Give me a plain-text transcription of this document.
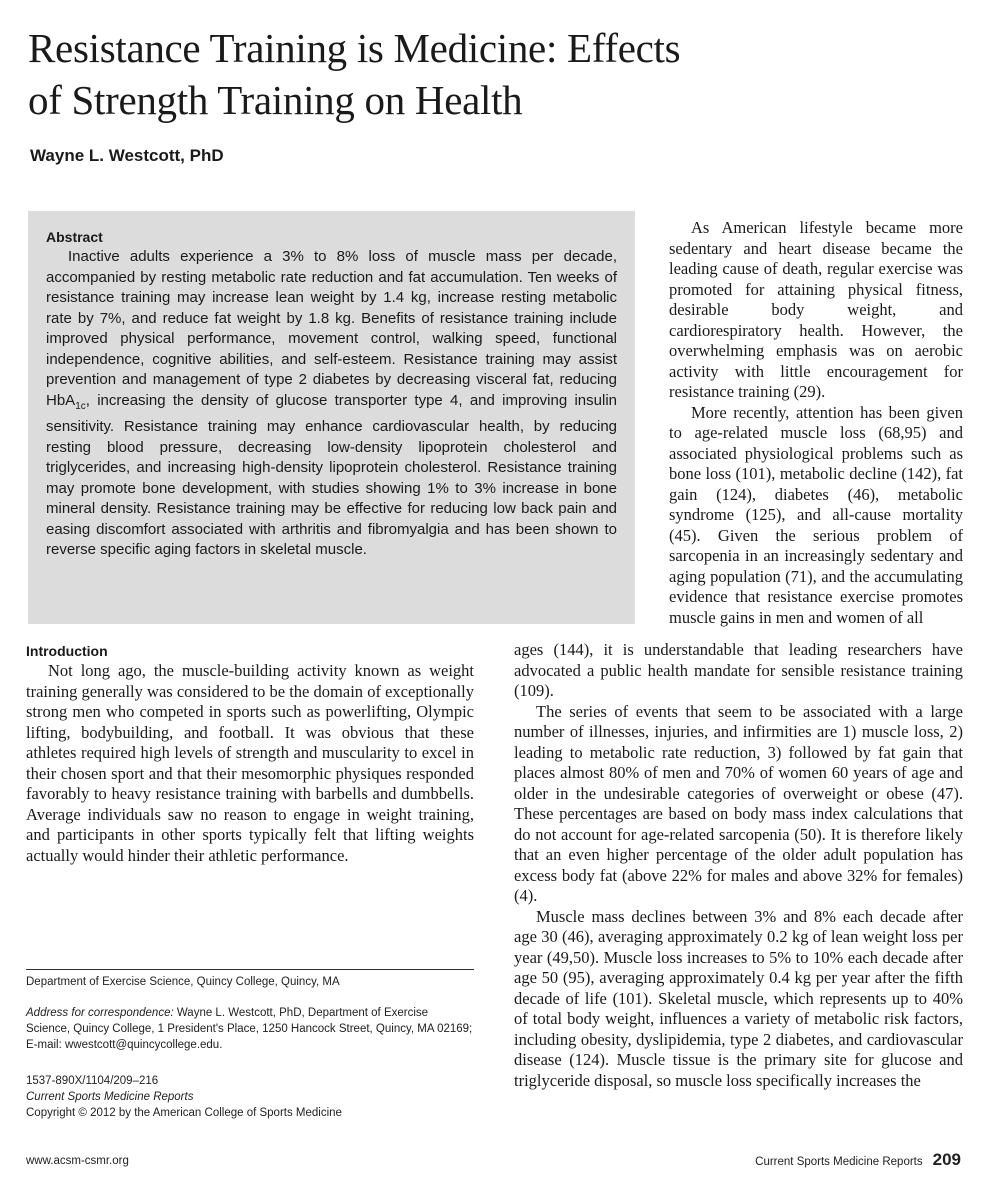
Resistance Training is Medicine: Effects
of Strength Training on Health
Wayne L. Westcott, PhD
Abstract

Inactive adults experience a 3% to 8% loss of muscle mass per decade, accompanied by resting metabolic rate reduction and fat accumulation. Ten weeks of resistance training may increase lean weight by 1.4 kg, increase resting metabolic rate by 7%, and reduce fat weight by 1.8 kg. Benefits of resistance training include improved physical performance, movement control, walking speed, functional independence, cognitive abilities, and self-esteem. Resistance training may assist prevention and management of type 2 diabetes by decreasing visceral fat, reducing HbA$_{1c}$, increasing the density of glucose transporter type 4, and improving insulin sensitivity. Resistance training may enhance cardiovascular health, by reducing resting blood pressure, decreasing low-density lipoprotein cholesterol and triglycerides, and increasing high-density lipoprotein cholesterol. Resistance training may promote bone development, with studies showing 1% to 3% increase in bone mineral density. Resistance training may be effective for reducing low back pain and easing discomfort associated with arthritis and fibromyalgia and has been shown to reverse specific aging factors in skeletal muscle.

Introduction

Not long ago, the muscle-building activity known as weight training generally was considered to be the domain of exceptionally strong men who competed in sports such as powerlifting, Olympic lifting, bodybuilding, and football. It was obvious that these athletes required high levels of strength and muscularity to excel in their chosen sport and that their mesomorphic physiques responded favorably to heavy resistance training with barbells and dumbbells. Average individuals saw no reason to engage in weight training, and participants in other sports typically felt that lifting weights actually would hinder their athletic performance.

As American lifestyle became more sedentary and heart disease became the leading cause of death, regular exercise was promoted for attaining physical fitness, desirable body weight, and cardiorespiratory health. However, the overwhelming emphasis was on aerobic activity with little encouragement for resistance training (29).

More recently, attention has been given to age-related muscle loss (68,95) and associated physiological problems such as bone loss (101), metabolic decline (142), fat gain (124), diabetes (46), metabolic syndrome (125), and all-cause mortality (45). Given the serious problem of sarcopenia in an increasingly sedentary and aging population (71), and the accumulating evidence that resistance exercise promotes muscle gains in men and women of all

ages (144), it is understandable that leading researchers have advocated a public health mandate for sensible resistance training (109).

The series of events that seem to be associated with a large number of illnesses, injuries, and infirmities are 1) muscle loss, 2) leading to metabolic rate reduction, 3) followed by fat gain that places almost 80% of men and 70% of women 60 years of age and older in the undesirable categories of overweight or obese (47). These percentages are based on body mass index calculations that do not account for age-related sarcopenia (50). It is therefore likely that an even higher percentage of the older adult population has excess body fat (above 22% for males and above 32% for females) (4).

Muscle mass declines between 3% and 8% each decade after age 30 (46), averaging approximately 0.2 kg of lean weight loss per year (49,50). Muscle loss increases to 5% to 10% each decade after age 50 (95), averaging approximately 0.4 kg per year after the fifth decade of life (101). Skeletal muscle, which represents up to 40% of total body weight, influences a variety of metabolic risk factors, including obesity, dyslipidemia, type 2 diabetes, and cardiovascular disease (124). Muscle tissue is the primary site for glucose and triglyceride disposal, so muscle loss specifically increases the

Department of Exercise Science, Quincy College, Quincy, MA
Address for correspondence: Wayne L. Westcott, PhD, Department of Exercise Science, Quincy College, 1 President's Place, 1250 Hancock Street, Quincy, MA 02169; E-mail: wwestcott@quincycollege.edu.
1537-890X/1104/209–216
Current Sports Medicine Reports
Copyright © 2012 by the American College of Sports Medicine
www.acsm-csmr.org	Current Sports Medicine Reports 209
